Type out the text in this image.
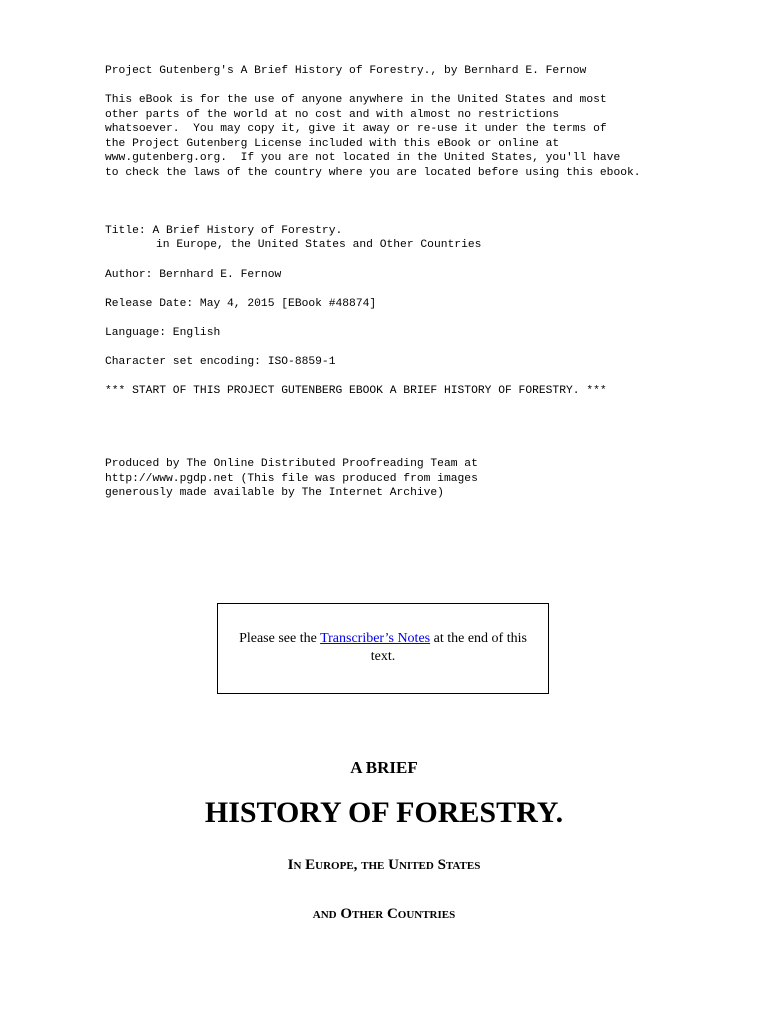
Project Gutenberg's A Brief History of Forestry., by Bernhard E. Fernow
This eBook is for the use of anyone anywhere in the United States and most
other parts of the world at no cost and with almost no restrictions
whatsoever.  You may copy it, give it away or re-use it under the terms of
the Project Gutenberg License included with this eBook or online at
www.gutenberg.org.  If you are not located in the United States, you'll have
to check the laws of the country where you are located before using this ebook.
Title: A Brief History of Forestry.
in Europe, the United States and Other Countries
Author: Bernhard E. Fernow
Release Date: May 4, 2015 [EBook #48874]
Language: English
Character set encoding: ISO-8859-1
*** START OF THIS PROJECT GUTENBERG EBOOK A BRIEF HISTORY OF FORESTRY. ***
Produced by The Online Distributed Proofreading Team at
http://www.pgdp.net (This file was produced from images
generously made available by The Internet Archive)
Please see the Transcriber’s Notes at the end of this text.
A BRIEF
HISTORY OF FORESTRY.
In Europe, the United States
and Other Countries
